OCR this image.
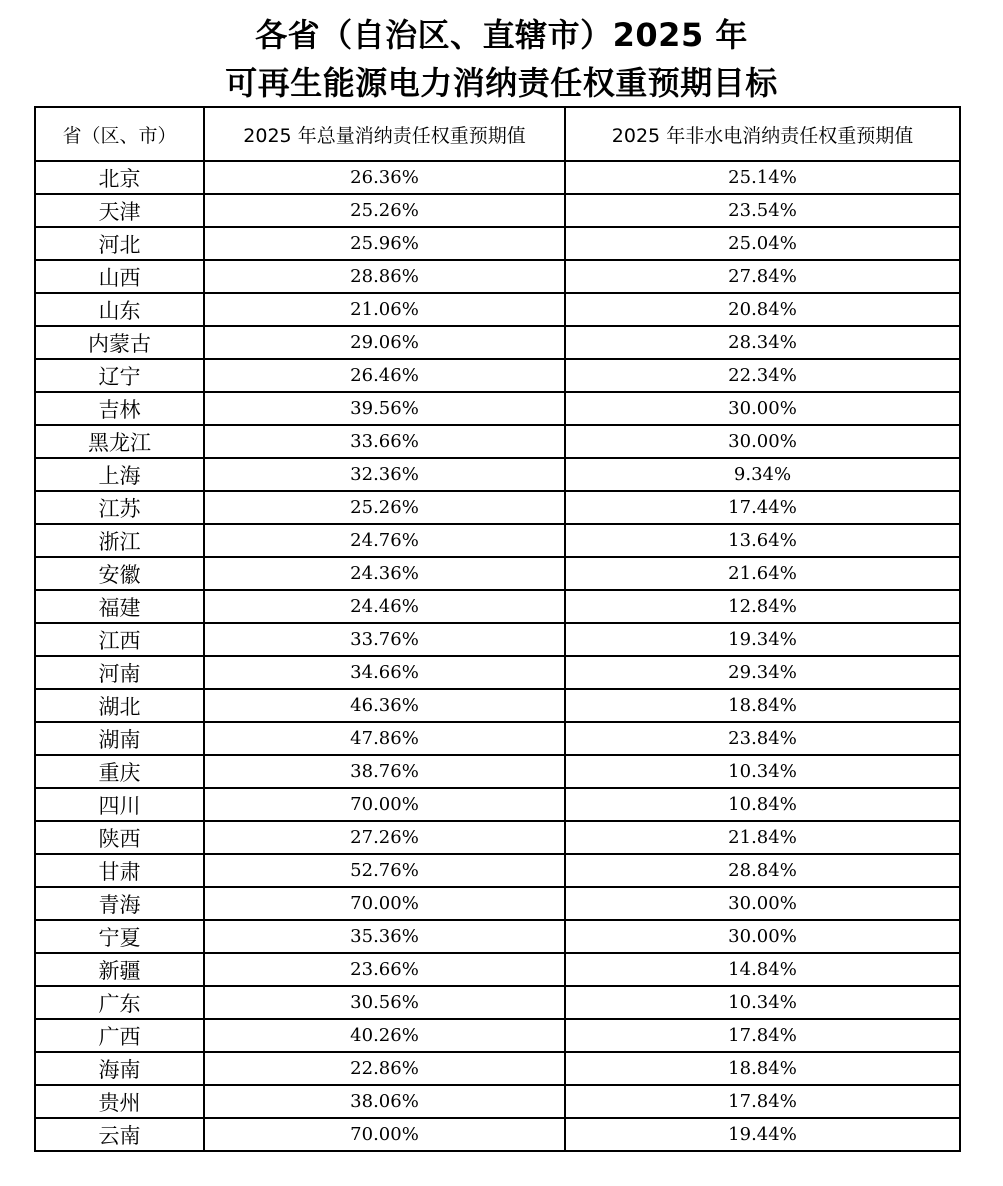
各省（自治区、直辖市）2025 年
可再生能源电力消纳责任权重预期目标
省（区、市）	2025 年总量消纳责任权重预期值	2025 年非水电消纳责任权重预期值
北京	26.36%	25.14%
天津	25.26%	23.54%
河北	25.96%	25.04%
山西	28.86%	27.84%
山东	21.06%	20.84%
内蒙古	29.06%	28.34%
辽宁	26.46%	22.34%
吉林	39.56%	30.00%
黑龙江	33.66%	30.00%
上海	32.36%	9.34%
江苏	25.26%	17.44%
浙江	24.76%	13.64%
安徽	24.36%	21.64%
福建	24.46%	12.84%
江西	33.76%	19.34%
河南	34.66%	29.34%
湖北	46.36%	18.84%
湖南	47.86%	23.84%
重庆	38.76%	10.34%
四川	70.00%	10.84%
陕西	27.26%	21.84%
甘肃	52.76%	28.84%
青海	70.00%	30.00%
宁夏	35.36%	30.00%
新疆	23.66%	14.84%
广东	30.56%	10.34%
广西	40.26%	17.84%
海南	22.86%	18.84%
贵州	38.06%	17.84%
云南	70.00%	19.44%
